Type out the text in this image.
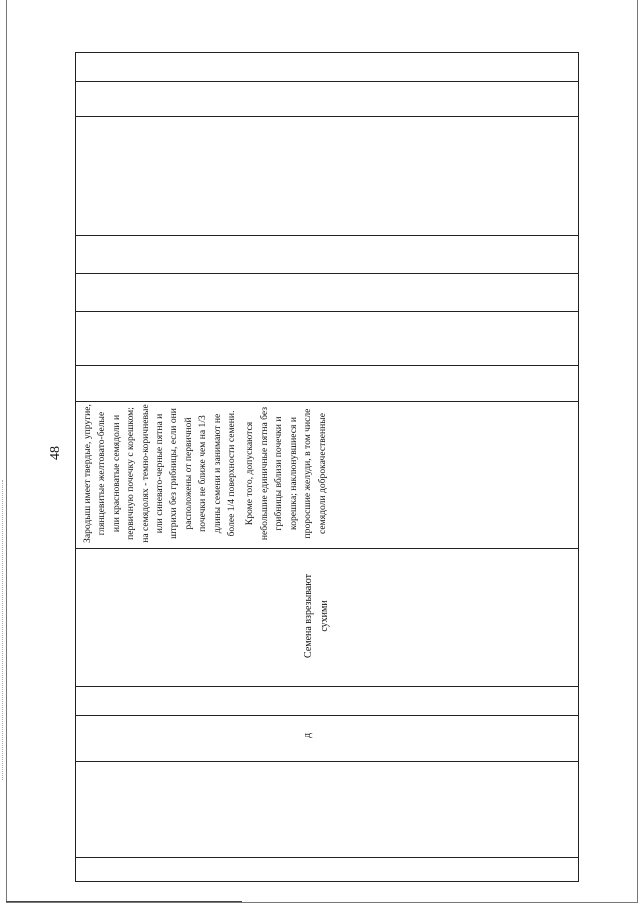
48 Зародыш имеет твердые, упругие, глянцевитые желтовато-белые или красноватые семядоли и первичную почечку с корешком; на семядолях - темно-коричневые или синевато-черные пятна и штрихи без грибницы, если они расположены от первичной почечки не ближе чем на 1/3 длины семени и занимают не более 1/4 поверхности семени. Кроме того, допускаются небольшие единичные пятна без грибницы вблизи почечки и корешка; наклюнувшиеся и проросшие желуди, в том числе семядоли доброкачественные

Семена взрезывают сухими
д
